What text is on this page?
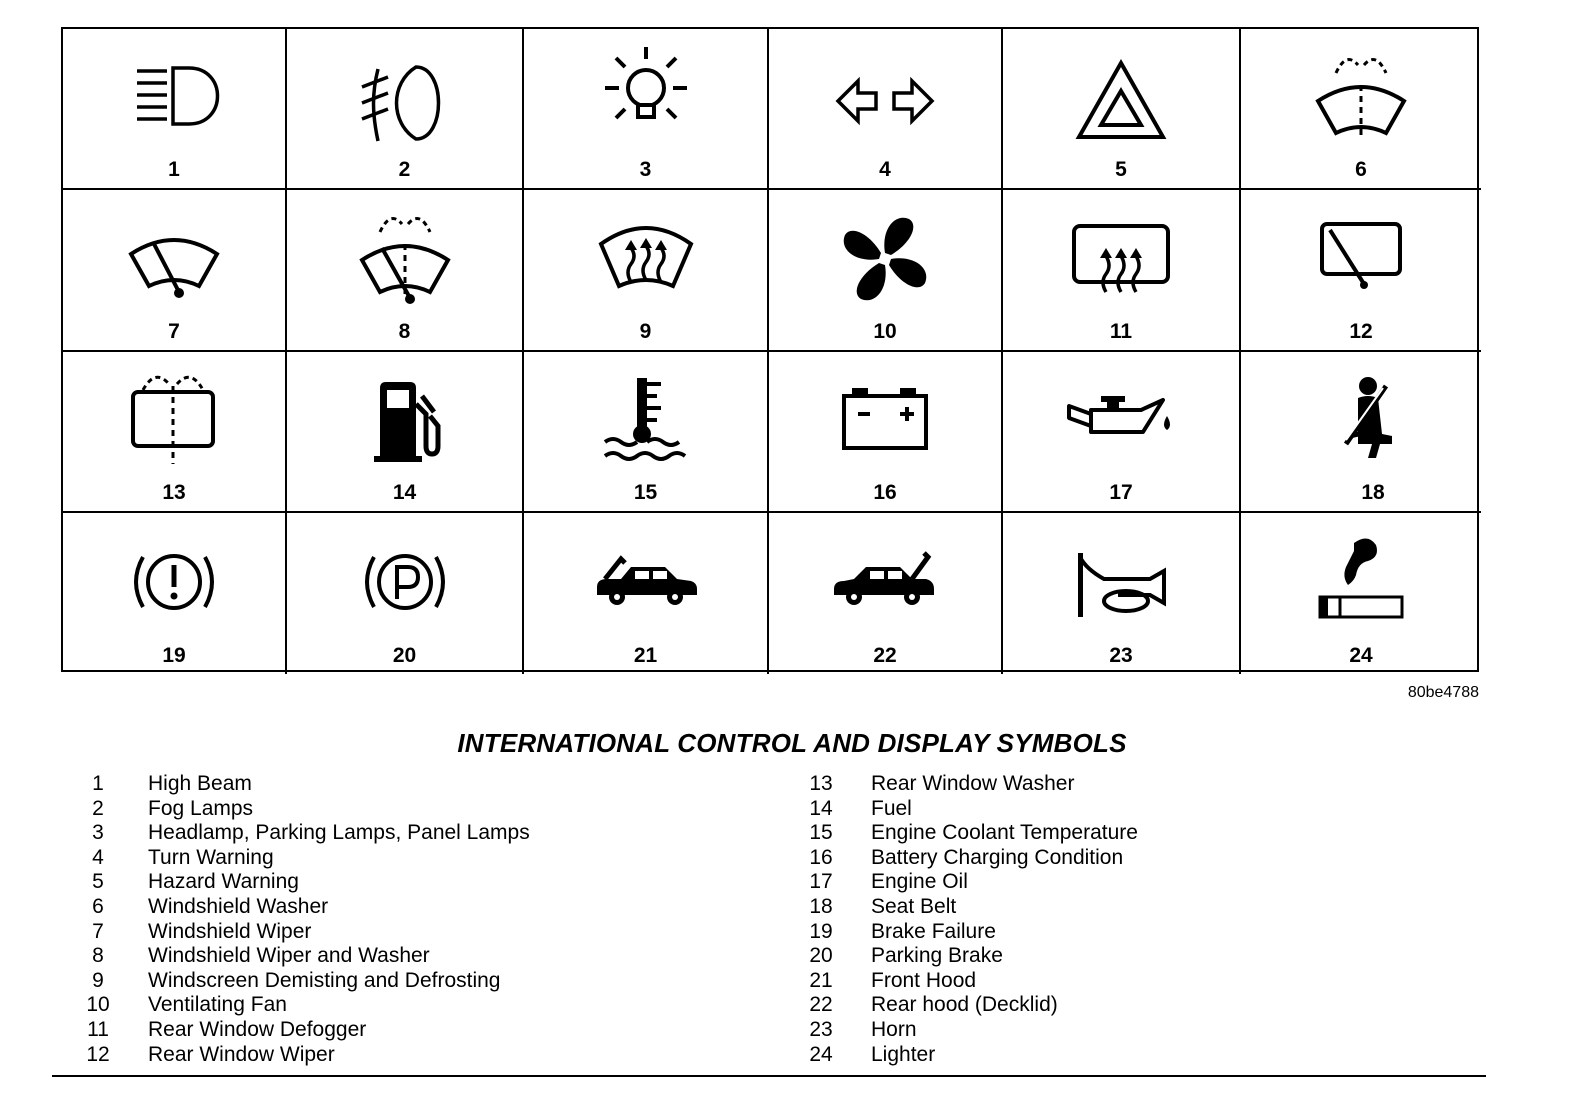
1	2	3	4	5	6
7	8	9	10	11	12
13	14	15	16	17	18
19	20	21	22	23	24
80be4788
INTERNATIONAL CONTROL AND DISPLAY SYMBOLS
1	High Beam
2	Fog Lamps
3	Headlamp, Parking Lamps, Panel Lamps
4	Turn Warning
5	Hazard Warning
6	Windshield Washer
7	Windshield Wiper
8	Windshield Wiper and Washer
9	Windscreen Demisting and Defrosting
10	Ventilating Fan
11	Rear Window Defogger
12	Rear Window Wiper
13	Rear Window Washer
14	Fuel
15	Engine Coolant Temperature
16	Battery Charging Condition
17	Engine Oil
18	Seat Belt
19	Brake Failure
20	Parking Brake
21	Front Hood
22	Rear hood (Decklid)
23	Horn
24	Lighter
